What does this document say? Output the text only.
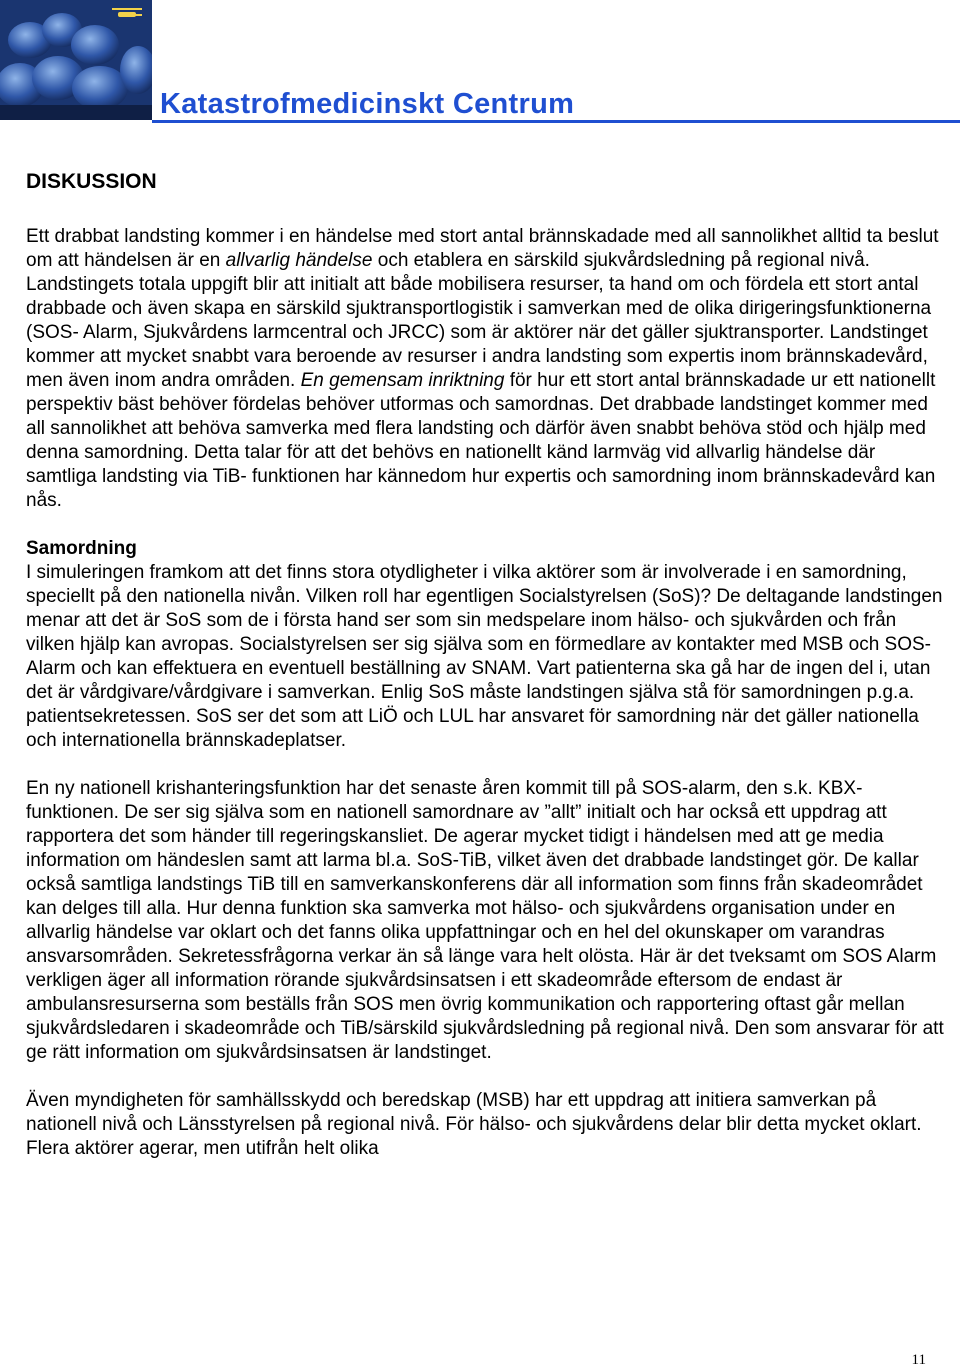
Katastrofmedicinskt Centrum
DISKUSSION

Ett drabbat landsting kommer i en händelse med stort antal brännskadade med all sannolikhet alltid ta beslut om att händelsen är en allvarlig händelse och etablera en särskild sjukvårdsledning på regional nivå. Landstingets totala uppgift blir att initialt att både mobilisera resurser, ta hand om och fördela ett stort antal drabbade och även skapa en särskild sjuktransportlogistik i samverkan med de olika dirigeringsfunktionerna (SOS- Alarm, Sjukvårdens larmcentral och JRCC) som är aktörer när det gäller sjuktransporter. Landstinget kommer att mycket snabbt vara beroende av resurser i andra landsting som expertis inom brännskadevård, men även inom andra områden. En gemensam inriktning för hur ett stort antal brännskadade ur ett nationellt perspektiv bäst behöver fördelas behöver utformas och samordnas. Det drabbade landstinget kommer med all sannolikhet att behöva samverka med flera landsting och därför även snabbt behöva stöd och hjälp med denna samordning. Detta talar för att det behövs en nationellt känd larmväg vid allvarlig händelse där samtliga landsting via TiB- funktionen har kännedom hur expertis och samordning inom brännskadevård kan nås.

Samordning

I simuleringen framkom att det finns stora otydligheter i vilka aktörer som är involverade i en samordning, speciellt på den nationella nivån. Vilken roll har egentligen Socialstyrelsen (SoS)? De deltagande landstingen menar att det är SoS som de i första hand ser som sin medspelare inom hälso- och sjukvården och från vilken hjälp kan avropas. Socialstyrelsen ser sig själva som en förmedlare av kontakter med MSB och SOS- Alarm och kan effektuera en eventuell beställning av SNAM. Vart patienterna ska gå har de ingen del i, utan det är vårdgivare/vårdgivare i samverkan. Enlig SoS måste landstingen själva stå för samordningen p.g.a. patientsekretessen. SoS ser det som att LiÖ och LUL har ansvaret för samordning när det gäller nationella och internationella brännskadeplatser.

En ny nationell krishanteringsfunktion har det senaste åren kommit till på SOS-alarm, den s.k. KBX- funktionen. De ser sig själva som en nationell samordnare av ”allt” initialt och har också ett uppdrag att rapportera det som händer till regeringskansliet. De agerar mycket tidigt i händelsen med att ge media information om händeslen samt att larma bl.a. SoS-TiB, vilket även det drabbade landstinget gör. De kallar också samtliga landstings TiB till en samverkanskonferens där all information som finns från skadeområdet kan delges till alla. Hur denna funktion ska samverka mot hälso- och sjukvårdens organisation under en allvarlig händelse var oklart och det fanns olika uppfattningar och en hel del okunskaper om varandras ansvarsområden. Sekretessfrågorna verkar än så länge vara helt olösta. Här är det tveksamt om SOS Alarm verkligen äger all information rörande sjukvårdsinsatsen i ett skadeområde eftersom de endast är ambulansresurserna som beställs från SOS men övrig kommunikation och rapportering oftast går mellan sjukvårdsledaren i skadeområde och TiB/särskild sjukvårdsledning på regional nivå. Den som ansvarar för att ge rätt information om sjukvårdsinsatsen är landstinget.

Även myndigheten för samhällsskydd och beredskap (MSB) har ett uppdrag att initiera samverkan på nationell nivå och Länsstyrelsen på regional nivå. För hälso- och sjukvårdens delar blir detta mycket oklart. Flera aktörer agerar, men utifrån helt olika

11
